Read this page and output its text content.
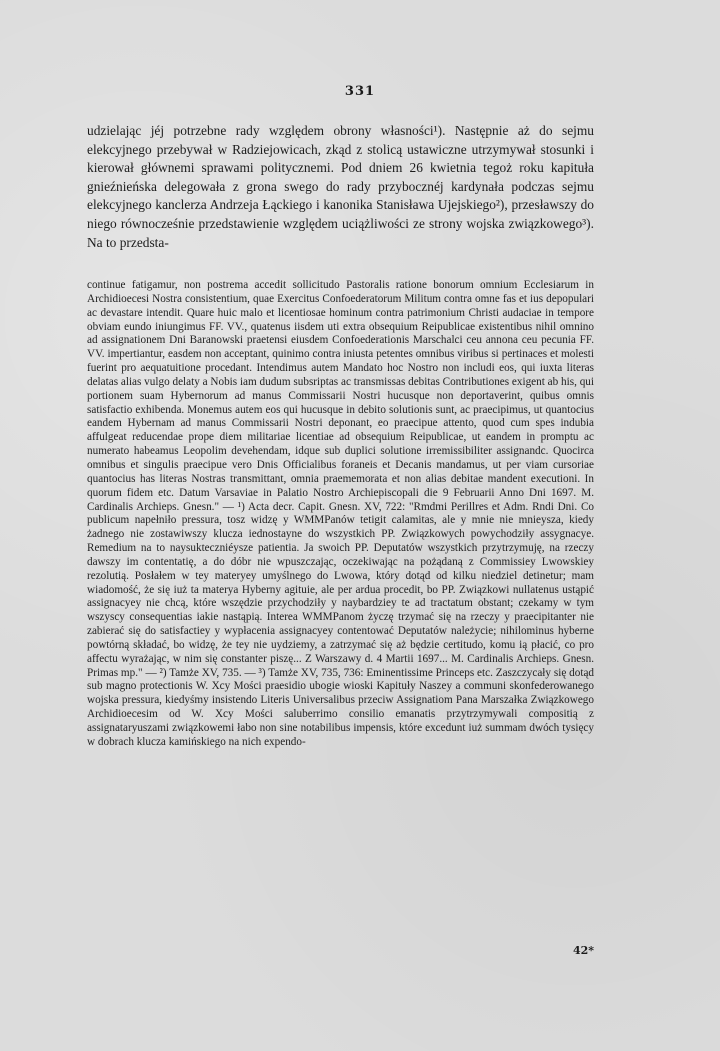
331

udzielając jéj potrzebne rady względem obrony własności¹). Następnie aż do sejmu elekcyjnego przebywał w Radziejowicach, zkąd z stolicą ustawiczne utrzymywał stosunki i kierował głównemi sprawami politycznemi. Pod dniem 26 kwietnia tegoż roku kapituła gnieźnieńska delegowała z grona swego do rady przybocznéj kardynała podczas sejmu elekcyjnego kanclerza Andrzeja Łąckiego i kanonika Stanisława Ujejskiego²), przesławszy do niego równocześnie przedstawienie względem uciążliwości ze strony wojska związkowego³). Na to przedsta-

continue fatigamur, non postrema accedit sollicitudo Pastoralis ratione bonorum omnium Ecclesiarum in Archidioecesi Nostra consistentium, quae Exercitus Confoederatorum Militum contra omne fas et ius depopulari ac devastare intendit. Quare huic malo et licentiosae hominum contra patrimonium Christi audaciae in tempore obviam eundo iniungimus FF. VV., quatenus iisdem uti extra obsequium Reipublicae existentibus nihil omnino ad assignationem Dni Baranowski praetensi eiusdem Confoederationis Marschalci ceu annona ceu pecunia FF. VV. impertiantur, easdem non acceptant, quinimo contra iniusta petentes omnibus viribus si pertinaces et molesti fuerint pro aequatuitione procedant. Intendimus autem Mandato hoc Nostro non includi eos, qui iuxta literas delatas alias vulgo delaty a Nobis iam dudum subsriptas ac transmissas debitas Contributiones exigent ab his, qui portionem suam Hybernorum ad manus Commissarii Nostri hucusque non deportaverint, quibus omnis satisfactio exhibenda. Monemus autem eos qui hucusque in debito solutionis sunt, ac praecipimus, ut quantocius eandem Hybernam ad manus Commissarii Nostri deponant, eo praecipue attento, quod cum spes indubia affulgeat reducendae prope diem militariae licentiae ad obsequium Reipublicae, ut eandem in promptu ac numerato habeamus Leopolim devehendam, idque sub duplici solutione irremissibiliter assignandc. Quocirca omnibus et singulis praecipue vero Dnis Officialibus foraneis et Decanis mandamus, ut per viam cursoriae quantocius has literas Nostras transmittant, omnia praememorata et non alias debitae mandent executioni. In quorum fidem etc. Datum Varsaviae in Palatio Nostro Archiepiscopali die 9 Februarii Anno Dni 1697. M. Cardinalis Archieps. Gnesn." — ¹) Acta decr. Capit. Gnesn. XV, 722: "Rmdmi Perillres et Adm. Rndi Dni. Co publicum napełniło pressura, tosz widzę y WMMPanów tetigit calamitas, ale y mnie nie mnieysza, kiedy żadnego nie zostawiwszy klucza iednostayne do wszystkich PP. Związkowych powychodziły assygnacye. Remedium na to naysukteczniéysze patientia. Ja swoich PP. Deputatów wszystkich przytrzymuję, na rzeczy dawszy im contentatię, a do dóbr nie wpuszczając, oczekiwając na pożądaną z Commissiey Lwowskiey rezolutią. Posłałem w tey materyey umyślnego do Lwowa, który dotąd od kilku niedziel detinetur; mam wiadomość, że się iuż ta materya Hyberny agituie, ale per ardua procedit, bo PP. Związkowi nullatenus ustąpić assignacyey nie chcą, które wszędzie przychodziły y naybardziey te ad tractatum obstant; czekamy w tym wszyscy consequentias iakie nastąpią. Interea WMMPanom życzę trzymać się na rzeczy y praecipitanter nie zabierać się do satisfactiey y wypłacenia assignacyey contentować Deputatów należycie; nihilominus hyberne powtórną składać, bo widzę, że tey nie uydziemy, a zatrzymać się aż będzie certitudo, komu ią płacić, co pro affectu wyrażając, w nim się constanter piszę... Z Warszawy d. 4 Martii 1697... M. Cardinalis Archieps. Gnesn. Primas mp." — ²) Tamże XV, 735. — ³) Tamże XV, 735, 736: Eminentissime Princeps etc. Zaszczycały się dotąd sub magno protectionis W. Xcy Mości praesidio ubogie wioski Kapituły Naszey a communi skonfederowanego wojska pressura, kiedyśmy insistendo Literis Universalibus przeciw Assignatiom Pana Marszałka Związkowego Archidioecesim od W. Xcy Mości saluberrimo consilio emanatis przytrzymywali compositią z assignataryuszami związkowemi łabo non sine notabilibus impensis, które excedunt iuż summam dwóch tysięcy w dobrach klucza kamińskiego na nich expendo-

42*
